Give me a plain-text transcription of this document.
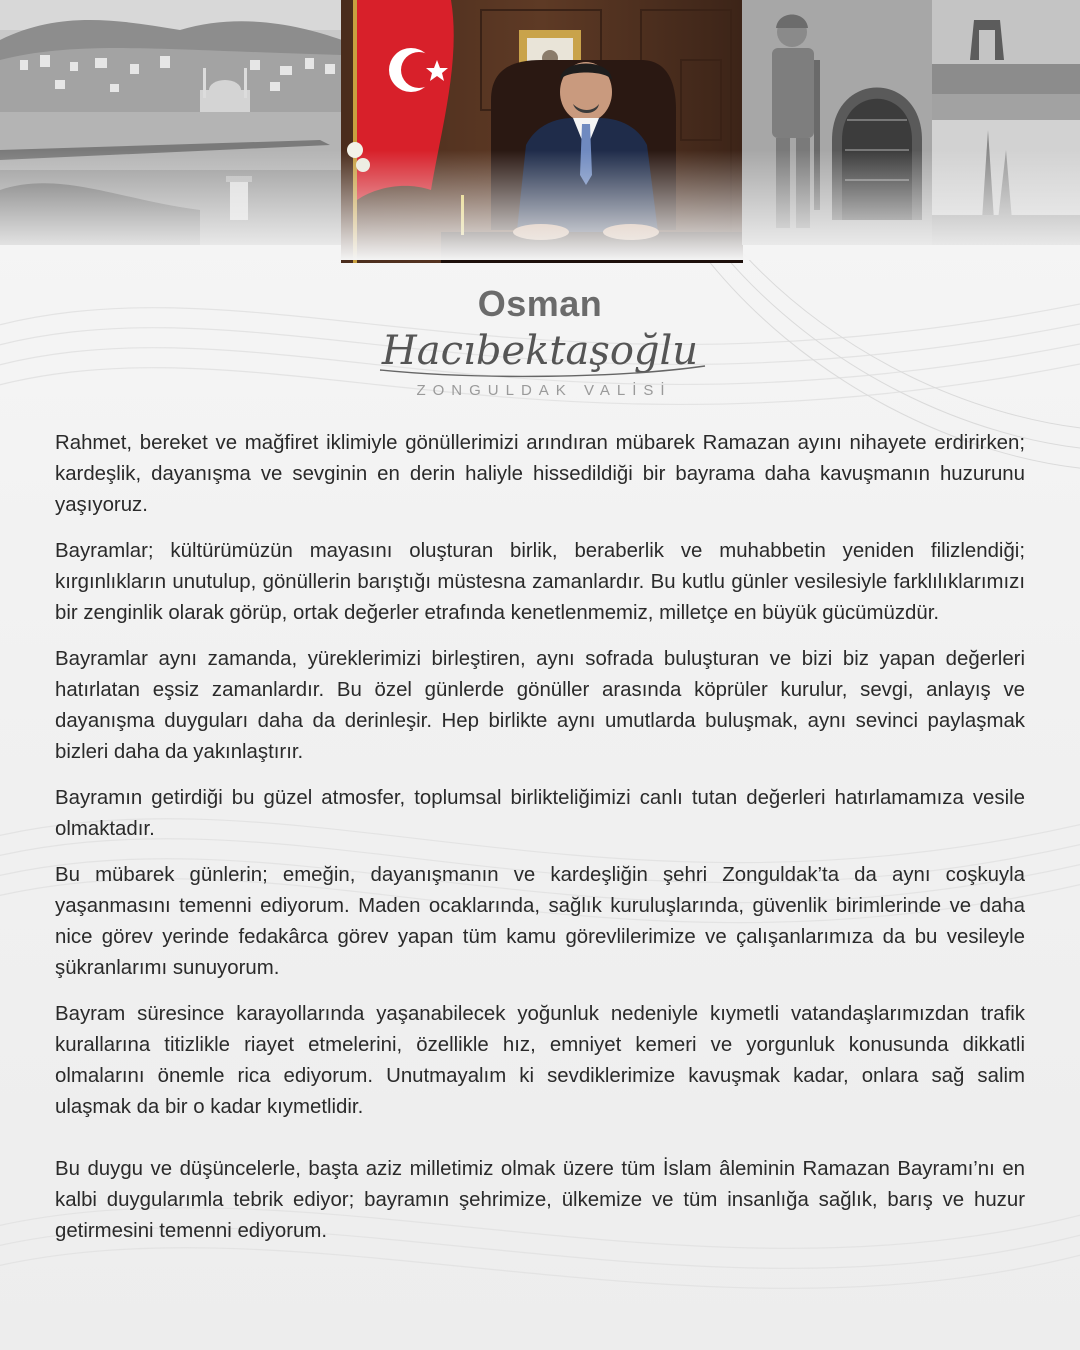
Osman
Hacıbektaşoğlu
ZONGULDAK VALİSİ

Rahmet, bereket ve mağfiret iklimiyle gönüllerimizi arındıran mübarek Ramazan ayını nihayete erdirirken; kardeşlik, dayanışma ve sevginin en derin haliyle hissedildiği bir bayrama daha kavuşmanın huzurunu yaşıyoruz.

Bayramlar; kültürümüzün mayasını oluşturan birlik, beraberlik ve muhabbetin yeniden filizlendiği; kırgınlıkların unutulup, gönüllerin barıştığı müstesna zamanlardır. Bu kutlu günler vesilesiyle farklılıklarımızı bir zenginlik olarak görüp, ortak değerler etrafında kenetlenmemiz, milletçe en büyük gücümüzdür.

Bayramlar aynı zamanda, yüreklerimizi birleştiren, aynı sofrada buluşturan ve bizi biz yapan değerleri hatırlatan eşsiz zamanlardır. Bu özel günlerde gönüller arasında köprüler kurulur, sevgi, anlayış ve dayanışma duyguları daha da derinleşir. Hep birlikte aynı umutlarda buluşmak, aynı sevinci paylaşmak bizleri daha da yakınlaştırır.

Bayramın getirdiği bu güzel atmosfer, toplumsal birlikteliğimizi canlı tutan değerleri hatırlamamıza vesile olmaktadır.

Bu mübarek günlerin; emeğin, dayanışmanın ve kardeşliğin şehri Zonguldak’ta da aynı coşkuyla yaşanmasını temenni ediyorum. Maden ocaklarında, sağlık kuruluşlarında, güvenlik birimlerinde ve daha nice görev yerinde fedakârca görev yapan tüm kamu görevlilerimize ve çalışanlarımıza da bu vesileyle şükranlarımı sunuyorum.

Bayram süresince karayollarında yaşanabilecek yoğunluk nedeniyle kıymetli vatandaşlarımızdan trafik kurallarına titizlikle riayet etmelerini, özellikle hız, emniyet kemeri ve yorgunluk konusunda dikkatli olmalarını önemle rica ediyorum. Unutmayalım ki sevdiklerimize kavuşmak kadar, onlara sağ salim ulaşmak da bir o kadar kıymetlidir.

Bu duygu ve düşüncelerle, başta aziz milletimiz olmak üzere tüm İslam âleminin Ramazan Bayramı’nı en kalbi duygularımla tebrik ediyor; bayramın şehrimize, ülkemize ve tüm insanlığa sağlık, barış ve huzur getirmesini temenni ediyorum.
